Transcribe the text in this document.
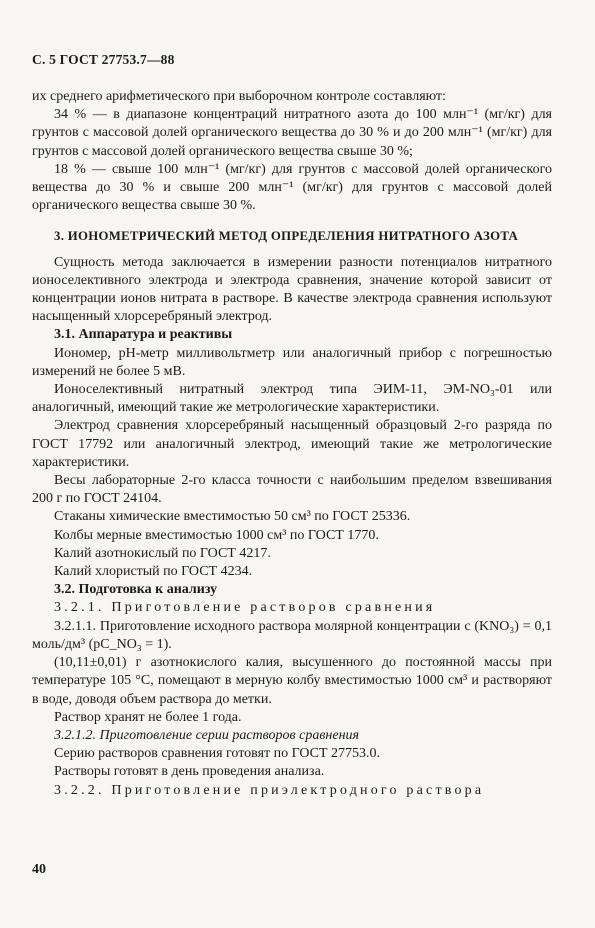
С. 5 ГОСТ 27753.7—88

их среднего арифметического при выборочном контроле составляют:

34 % — в диапазоне концентраций нитратного азота до 100 млн⁻¹ (мг/кг) для грунтов с массовой долей органического вещества до 30 % и до 200 млн⁻¹ (мг/кг) для грунтов с массовой долей органического вещества свыше 30 %;

18 % — свыше 100 млн⁻¹ (мг/кг) для грунтов с массовой долей органического вещества до 30 % и свыше 200 млн⁻¹ (мг/кг) для грунтов с массовой долей органического вещества свыше 30 %.

3. ИОНОМЕТРИЧЕСКИЙ МЕТОД ОПРЕДЕЛЕНИЯ НИТРАТНОГО АЗОТА

Сущность метода заключается в измерении разности потенциалов нитратного ионоселективного электрода и электрода сравнения, значение которой зависит от концентрации ионов нитрата в растворе. В качестве электрода сравнения используют насыщенный хлорсеребряный электрод.

3.1. Аппаратура и реактивы

Иономер, pH-метр милливольтметр или аналогичный прибор с погрешностью измерений не более 5 мВ.

Ионоселективный нитратный электрод типа ЭИМ-11, ЭМ-NO₃-01 или аналогичный, имеющий такие же метрологические характеристики.

Электрод сравнения хлорсеребряный насыщенный образцовый 2-го разряда по ГОСТ 17792 или аналогичный электрод, имеющий такие же метрологические характеристики.

Весы лабораторные 2-го класса точности с наибольшим пределом взвешивания 200 г по ГОСТ 24104.

Стаканы химические вместимостью 50 см³ по ГОСТ 25336.

Колбы мерные вместимостью 1000 см³ по ГОСТ 1770.

Калий азотнокислый по ГОСТ 4217.

Калий хлористый по ГОСТ 4234.

3.2. Подготовка к анализу

3.2.1. Приготовление растворов сравнения

3.2.1.1. Приготовление исходного раствора молярной концентрации c (KNO₃) = 0,1 моль/дм³ (pC_NO₃ = 1).

(10,11±0,01) г азотнокислого калия, высушенного до постоянной массы при температуре 105 °С, помещают в мерную колбу вместимостью 1000 см³ и растворяют в воде, доводя объем раствора до метки.

Раствор хранят не более 1 года.

3.2.1.2. Приготовление серии растворов сравнения

Серию растворов сравнения готовят по ГОСТ 27753.0.

Растворы готовят в день проведения анализа.

3.2.2. Приготовление приэлектродного раствора

40
